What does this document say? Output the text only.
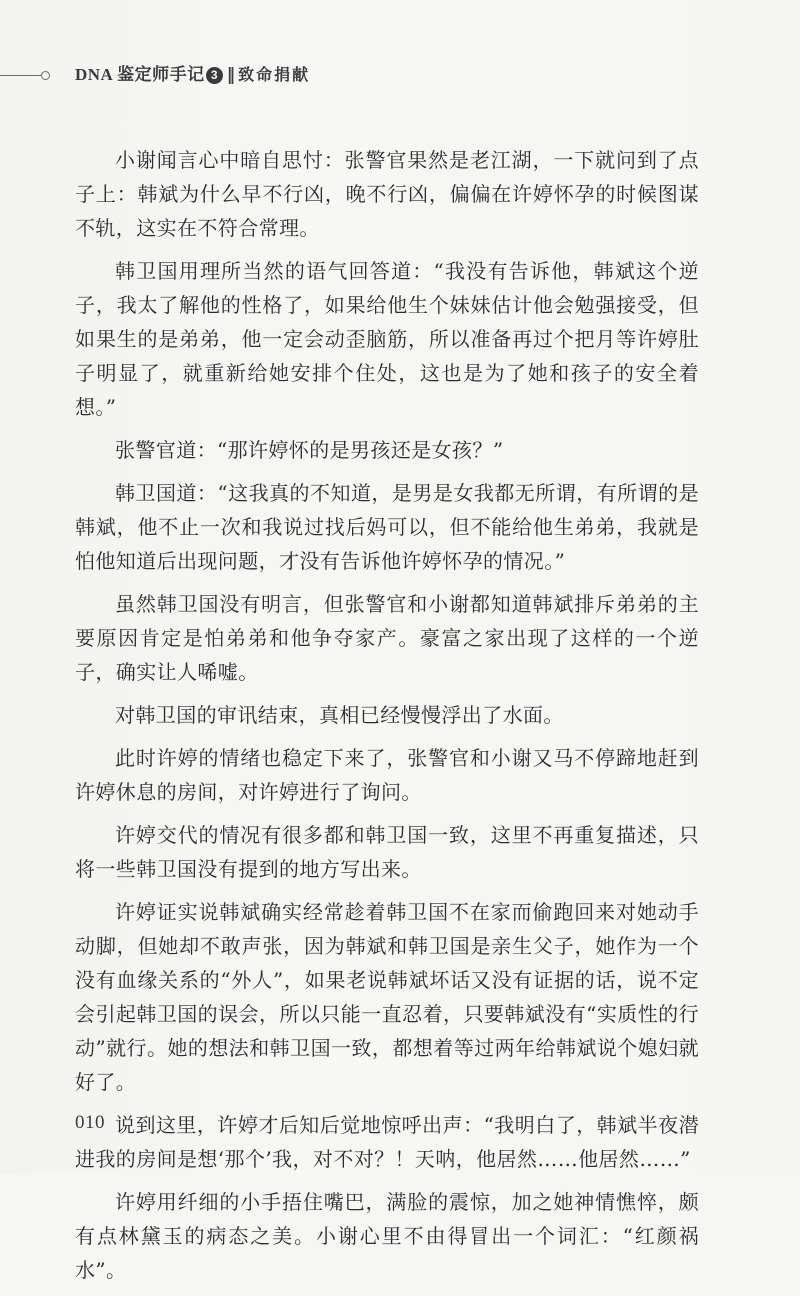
DNA 鉴定师手记 3 ‖ 致命捐献

小谢闻言心中暗自思忖：张警官果然是老江湖，一下就问到了点子上：韩斌为什么早不行凶，晚不行凶，偏偏在许婷怀孕的时候图谋不轨，这实在不符合常理。

韩卫国用理所当然的语气回答道：“我没有告诉他，韩斌这个逆子，我太了解他的性格了，如果给他生个妹妹估计他会勉强接受，但如果生的是弟弟，他一定会动歪脑筋，所以准备再过个把月等许婷肚子明显了，就重新给她安排个住处，这也是为了她和孩子的安全着想。”

张警官道：“那许婷怀的是男孩还是女孩？”

韩卫国道：“这我真的不知道，是男是女我都无所谓，有所谓的是韩斌，他不止一次和我说过找后妈可以，但不能给他生弟弟，我就是怕他知道后出现问题，才没有告诉他许婷怀孕的情况。”

虽然韩卫国没有明言，但张警官和小谢都知道韩斌排斥弟弟的主要原因肯定是怕弟弟和他争夺家产。豪富之家出现了这样的一个逆子，确实让人唏嘘。

对韩卫国的审讯结束，真相已经慢慢浮出了水面。

此时许婷的情绪也稳定下来了，张警官和小谢又马不停蹄地赶到许婷休息的房间，对许婷进行了询问。

许婷交代的情况有很多都和韩卫国一致，这里不再重复描述，只将一些韩卫国没有提到的地方写出来。

许婷证实说韩斌确实经常趁着韩卫国不在家而偷跑回来对她动手动脚，但她却不敢声张，因为韩斌和韩卫国是亲生父子，她作为一个没有血缘关系的“外人”，如果老说韩斌坏话又没有证据的话，说不定会引起韩卫国的误会，所以只能一直忍着，只要韩斌没有“实质性的行动”就行。她的想法和韩卫国一致，都想着等过两年给韩斌说个媳妇就好了。

说到这里，许婷才后知后觉地惊呼出声：“我明白了，韩斌半夜潜进我的房间是想‘那个’我，对不对？！天呐，他居然……他居然……”

许婷用纤细的小手捂住嘴巴，满脸的震惊，加之她神情憔悴，颇有点林黛玉的病态之美。小谢心里不由得冒出一个词汇：“红颜祸水”。

010
